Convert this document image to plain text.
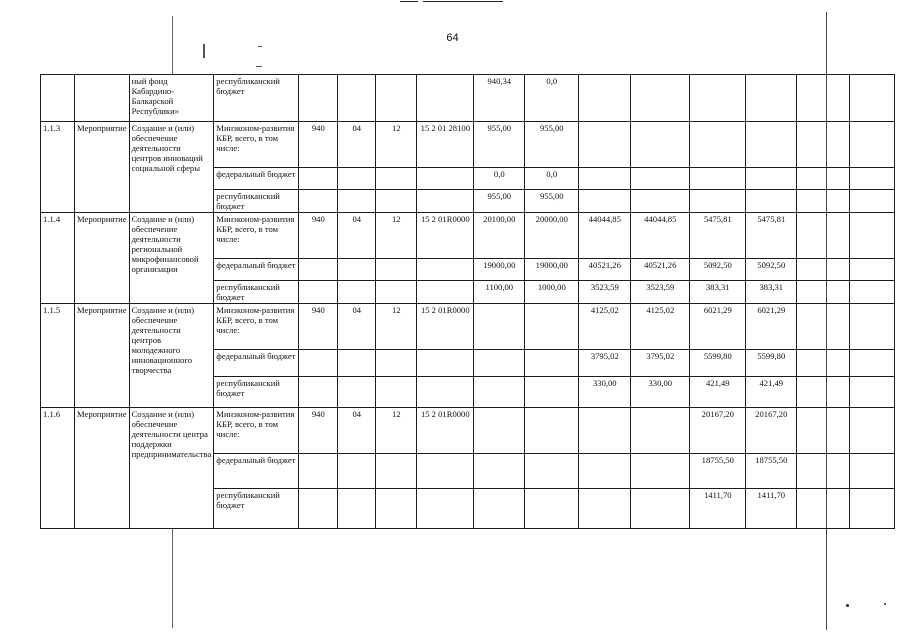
64
		ный фонд Кабардино-Балкарской Республики»	республиканский бюджет					940,34	0,0						
1.1.3	Мероприятие	Создание и (или) обеспечение деятельности центров инноваций социальной сферы	Минэконом-развития КБР, всего, в том числе:	940	04	12	15 2 01 28100	955,00	955,00						
			федеральный бюджет					0,0	0,0						
			республиканский бюджет					955,00	955,00						
1.1.4	Мероприятие	Создание и (или) обеспечение деятельности региональной микрофинансовой организации	Минэконом-развития КБР, всего, в том числе:	940	04	12	15 2 01R0000	20100,00	20000,00	44044,85	44044,85	5475,81	5475,81		
			федеральный бюджет					19000,00	19000,00	40521,26	40521,26	5092,50	5092,50		
			республиканский бюджет					1100,00	1000,00	3523,59	3523,59	383,31	383,31		
1.1.5	Мероприятие	Создание и (или) обеспечение деятельности центров молодежного инновационного творчества	Минэконом-развития КБР, всего, в том числе:	940	04	12	15 2 01R0000			4125,02	4125,02	6021,29	6021,29		
			федеральный бюджет							3795,02	3795,02	5599,80	5599,80		
			республиканский бюджет							330,00	330,00	421,49	421,49		
1.1.6	Мероприятие	Создание и (или) обеспечение деятельности центра поддержки предпринимательства	Минэконом-развития КБР, всего, в том числе:	940	04	12	15 2 01R0000					20167,20	20167,20		
			федеральный бюджет									18755,50	18755,50		
			республиканский бюджет									1411,70	1411,70		
